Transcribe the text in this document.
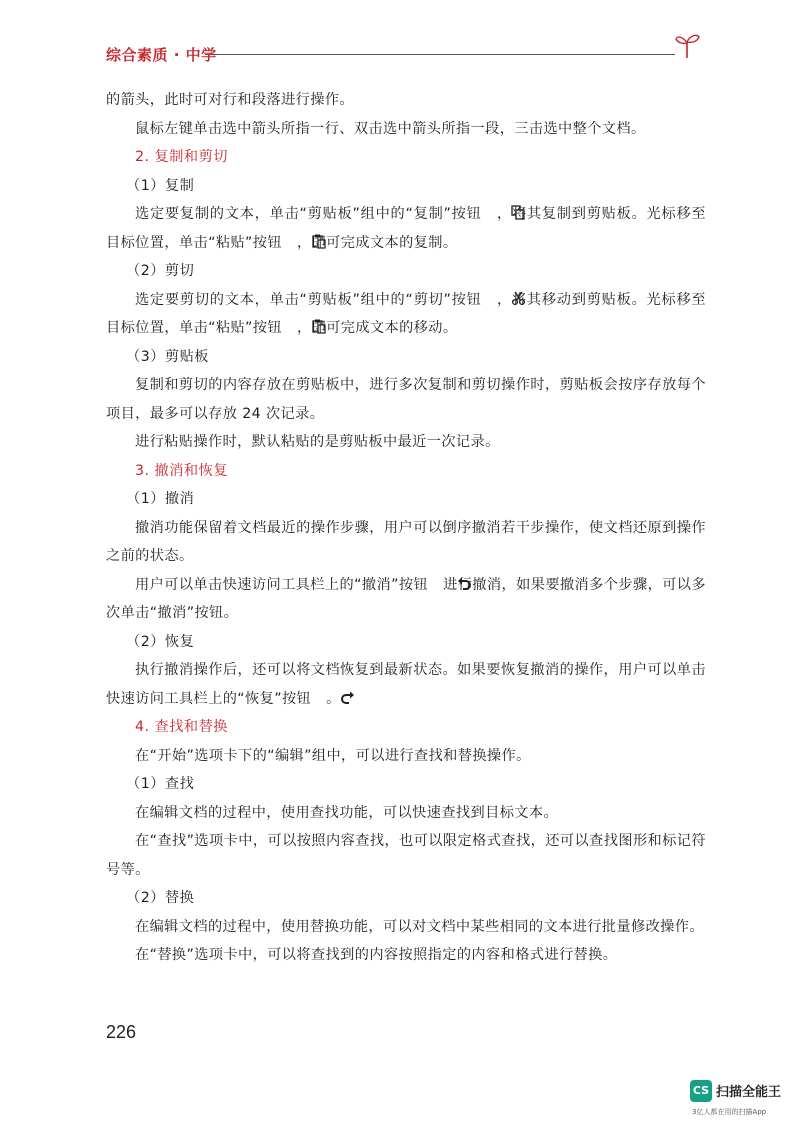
综合素质 · 中学

的箭头，此时可对行和段落进行操作。

鼠标左键单击选中箭头所指一行、双击选中箭头所指一段，三击选中整个文档。

2. 复制和剪切

（1）复制

选定要复制的文本，单击“剪贴板”组中的“复制”按钮 ，将其复制到剪贴板。光标移至目标位置，单击“粘贴”按钮 ，即可完成文本的复制。

（2）剪切

选定要剪切的文本，单击“剪贴板”组中的“剪切”按钮 ，将其移动到剪贴板。光标移至目标位置，单击“粘贴”按钮 ，即可完成文本的移动。

（3）剪贴板

复制和剪切的内容存放在剪贴板中，进行多次复制和剪切操作时，剪贴板会按序存放每个项目，最多可以存放 24 次记录。

进行粘贴操作时，默认粘贴的是剪贴板中最近一次记录。

3. 撤消和恢复

（1）撤消

撤消功能保留着文档最近的操作步骤，用户可以倒序撤消若干步操作，使文档还原到操作之前的状态。

用户可以单击快速访问工具栏上的“撤消”按钮 进行撤消，如果要撤消多个步骤，可以多次单击“撤消”按钮。

（2）恢复

执行撤消操作后，还可以将文档恢复到最新状态。如果要恢复撤消的操作，用户可以单击快速访问工具栏上的“恢复”按钮 。

4. 查找和替换

在“开始”选项卡下的“编辑”组中，可以进行查找和替换操作。

（1）查找

在编辑文档的过程中，使用查找功能，可以快速查找到目标文本。

在“查找”选项卡中，可以按照内容查找，也可以限定格式查找，还可以查找图形和标记符号等。

（2）替换

在编辑文档的过程中，使用替换功能，可以对文档中某些相同的文本进行批量修改操作。

在“替换”选项卡中，可以将查找到的内容按照指定的内容和格式进行替换。

226
CS 扫描全能王
3亿人都在用的扫描App
